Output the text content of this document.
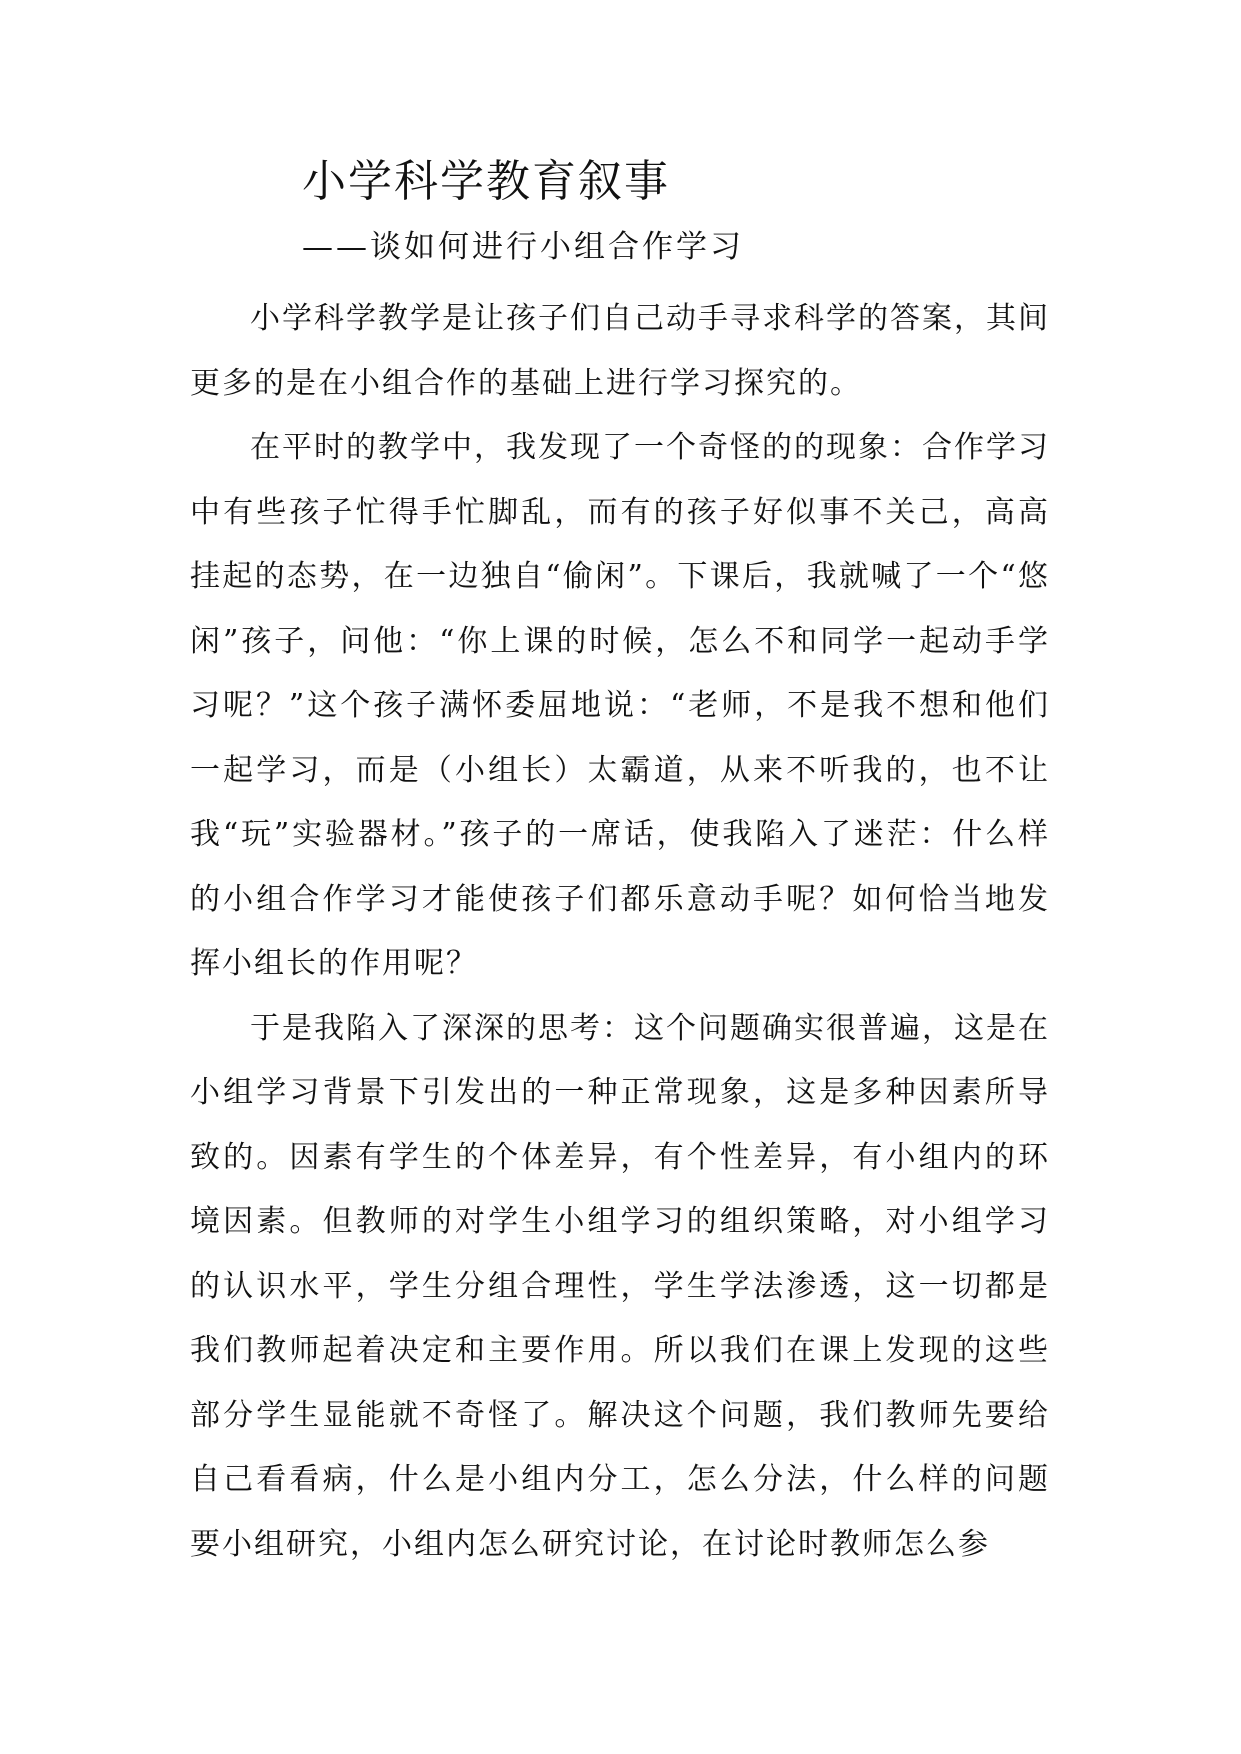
小学科学教育叙事
——谈如何进行小组合作学习

小学科学教学是让孩子们自己动手寻求科学的答案，其间更多的是在小组合作的基础上进行学习探究的。

在平时的教学中，我发现了一个奇怪的的现象：合作学习中有些孩子忙得手忙脚乱，而有的孩子好似事不关己，高高挂起的态势，在一边独自“偷闲”。下课后，我就喊了一个“悠闲”孩子，问他：“你上课的时候，怎么不和同学一起动手学习呢？”这个孩子满怀委屈地说：“老师，不是我不想和他们一起学习，而是（小组长）太霸道，从来不听我的，也不让我“玩”实验器材。”孩子的一席话，使我陷入了迷茫：什么样的小组合作学习才能使孩子们都乐意动手呢？如何恰当地发挥小组长的作用呢？

于是我陷入了深深的思考：这个问题确实很普遍，这是在小组学习背景下引发出的一种正常现象，这是多种因素所导致的。因素有学生的个体差异，有个性差异，有小组内的环境因素。但教师的对学生小组学习的组织策略，对小组学习的认识水平，学生分组合理性，学生学法渗透，这一切都是我们教师起着决定和主要作用。所以我们在课上发现的这些部分学生显能就不奇怪了。解决这个问题，我们教师先要给自己看看病，什么是小组内分工，怎么分法，什么样的问题要小组研究，小组内怎么研究讨论，在讨论时教师怎么参
